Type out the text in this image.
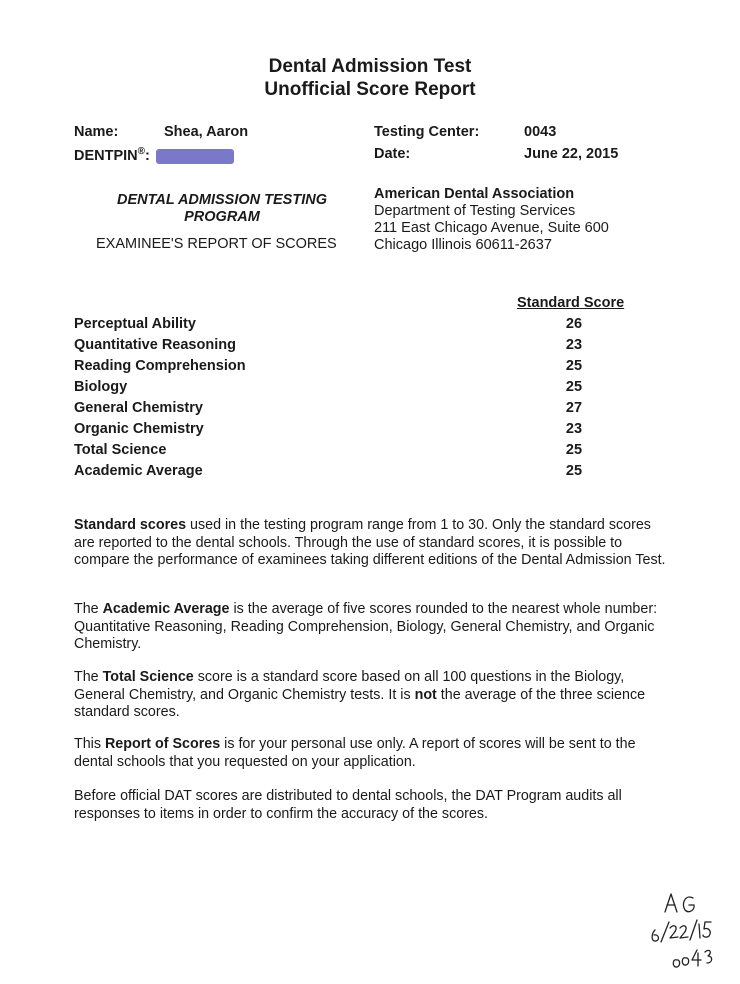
Dental Admission Test
Unofficial Score Report
Name:	Shea, Aaron
DENTPIN®:
Testing Center:	0043
Date:	June 22, 2015
DENTAL ADMISSION TESTING
PROGRAM
EXAMINEE'S REPORT OF SCORES
American Dental Association
Department of Testing Services
211 East Chicago Avenue, Suite 600
Chicago Illinois 60611-2637
Standard Score
Perceptual Ability	26
Quantitative Reasoning	23
Reading Comprehension	25
Biology	25
General Chemistry	27
Organic Chemistry	23
Total Science	25
Academic Average	25
Standard scores used in the testing program range from 1 to 30. Only the standard scores are reported to the dental schools. Through the use of standard scores, it is possible to compare the performance of examinees taking different editions of the Dental Admission Test.
The Academic Average is the average of five scores rounded to the nearest whole number: Quantitative Reasoning, Reading Comprehension, Biology, General Chemistry, and Organic Chemistry.
The Total Science score is a standard score based on all 100 questions in the Biology, General Chemistry, and Organic Chemistry tests. It is not the average of the three science standard scores.
This Report of Scores is for your personal use only. A report of scores will be sent to the dental schools that you requested on your application.
Before official DAT scores are distributed to dental schools, the DAT Program audits all responses to items in order to confirm the accuracy of the scores.
